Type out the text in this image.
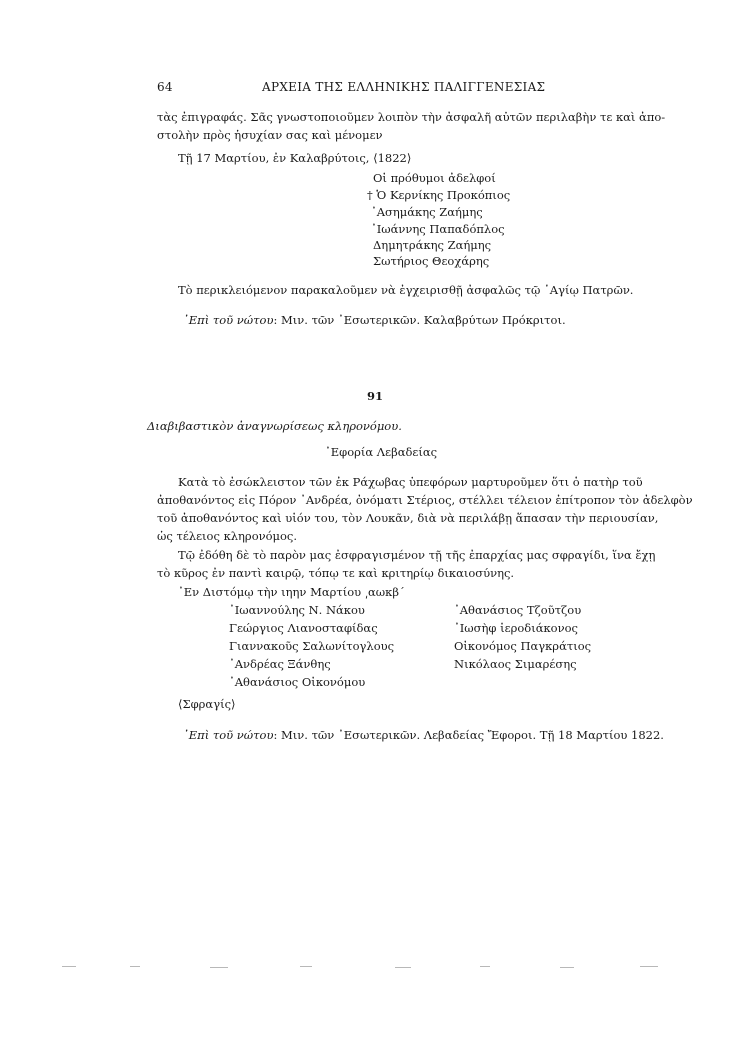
64	ΑΡΧΕΙΑ ΤΗΣ ΕΛΛΗΝΙΚΗΣ ΠΑΛΙΓΓΕΝΕΣΙΑΣ
τὰς ἐπιγραφάς. Σᾶς γνωστοποιοῦμεν λοιπὸν τὴν ἀσφαλῆ αὐτῶν περιλαβὴν τε καὶ ἀπο-
στολὴν πρὸς ἡσυχίαν σας καὶ μένομεν
Τῇ 17 Μαρτίου, ἐν Καλαβρύτοις, ⟨1822⟩
Οἱ πρόθυμοι ἀδελφοί
† Ὁ Κερνίκης Προκόπιος
᾿Ασημάκης Ζαήμης
᾿Ιωάννης Παπαδόπλος
Δημητράκης Ζαήμης
Σωτήριος Θεοχάρης
Τὸ περικλειόμενον παρακαλοῦμεν νὰ ἐγχειρισθῇ ἀσφαλῶς τῷ ῾Αγίῳ Πατρῶν.
᾿Επὶ τοῦ νώτου: Μιν. τῶν ᾿Εσωτερικῶν. Καλαβρύτων Πρόκριτοι.
91
Διαβιβαστικὸν ἀναγνωρίσεως κληρονόμου.
᾿Εφορία Λεβαδείας
Κατὰ τὸ ἐσώκλειστον τῶν ἐκ Ράχωβας ὑπεφόρων μαρτυροῦμεν ὅτι ὁ πατὴρ τοῦ
ἀποθανόντος εἰς Πόρον ᾿Ανδρέα, ὀνόματι Στέριος, στέλλει τέλειον ἐπίτροπον τὸν ἀδελφὸν
τοῦ ἀποθανόντος καὶ υἱόν του, τὸν Λουκᾶν, διὰ νὰ περιλάβῃ ἅπασαν τὴν περιουσίαν,
ὡς τέλειος κληρονόμος.
Τῷ ἐδόθη δὲ τὸ παρὸν μας ἐσφραγισμένον τῇ τῆς ἐπαρχίας μας σφραγίδι, ἵνα ἔχῃ
τὸ κῦρος ἐν παντὶ καιρῷ, τόπῳ τε καὶ κριτηρίῳ δικαιοσύνης.
᾿Εν Διστόμῳ τὴν ιηην Μαρτίου ͵αωκβ΄
᾿Ιωαννούλης Ν. Νάκου
Γεώργιος Λιανοσταφίδας
Γιαννακοῦς Σαλωνίτογλους
᾿Ανδρέας Ξάνθης
᾿Αθανάσιος Οἰκονόμου
᾿Αθανάσιος Τζοῦτζου
᾿Ιωσὴφ ἱεροδιάκονος
Οἰκονόμος Παγκράτιος
Νικόλαος Σιμαρέσης
⟨Σφραγίς⟩
᾿Επὶ τοῦ νώτου: Μιν. τῶν ᾿Εσωτερικῶν. Λεβαδείας Ἔφοροι. Τῇ 18 Μαρτίου 1822.
